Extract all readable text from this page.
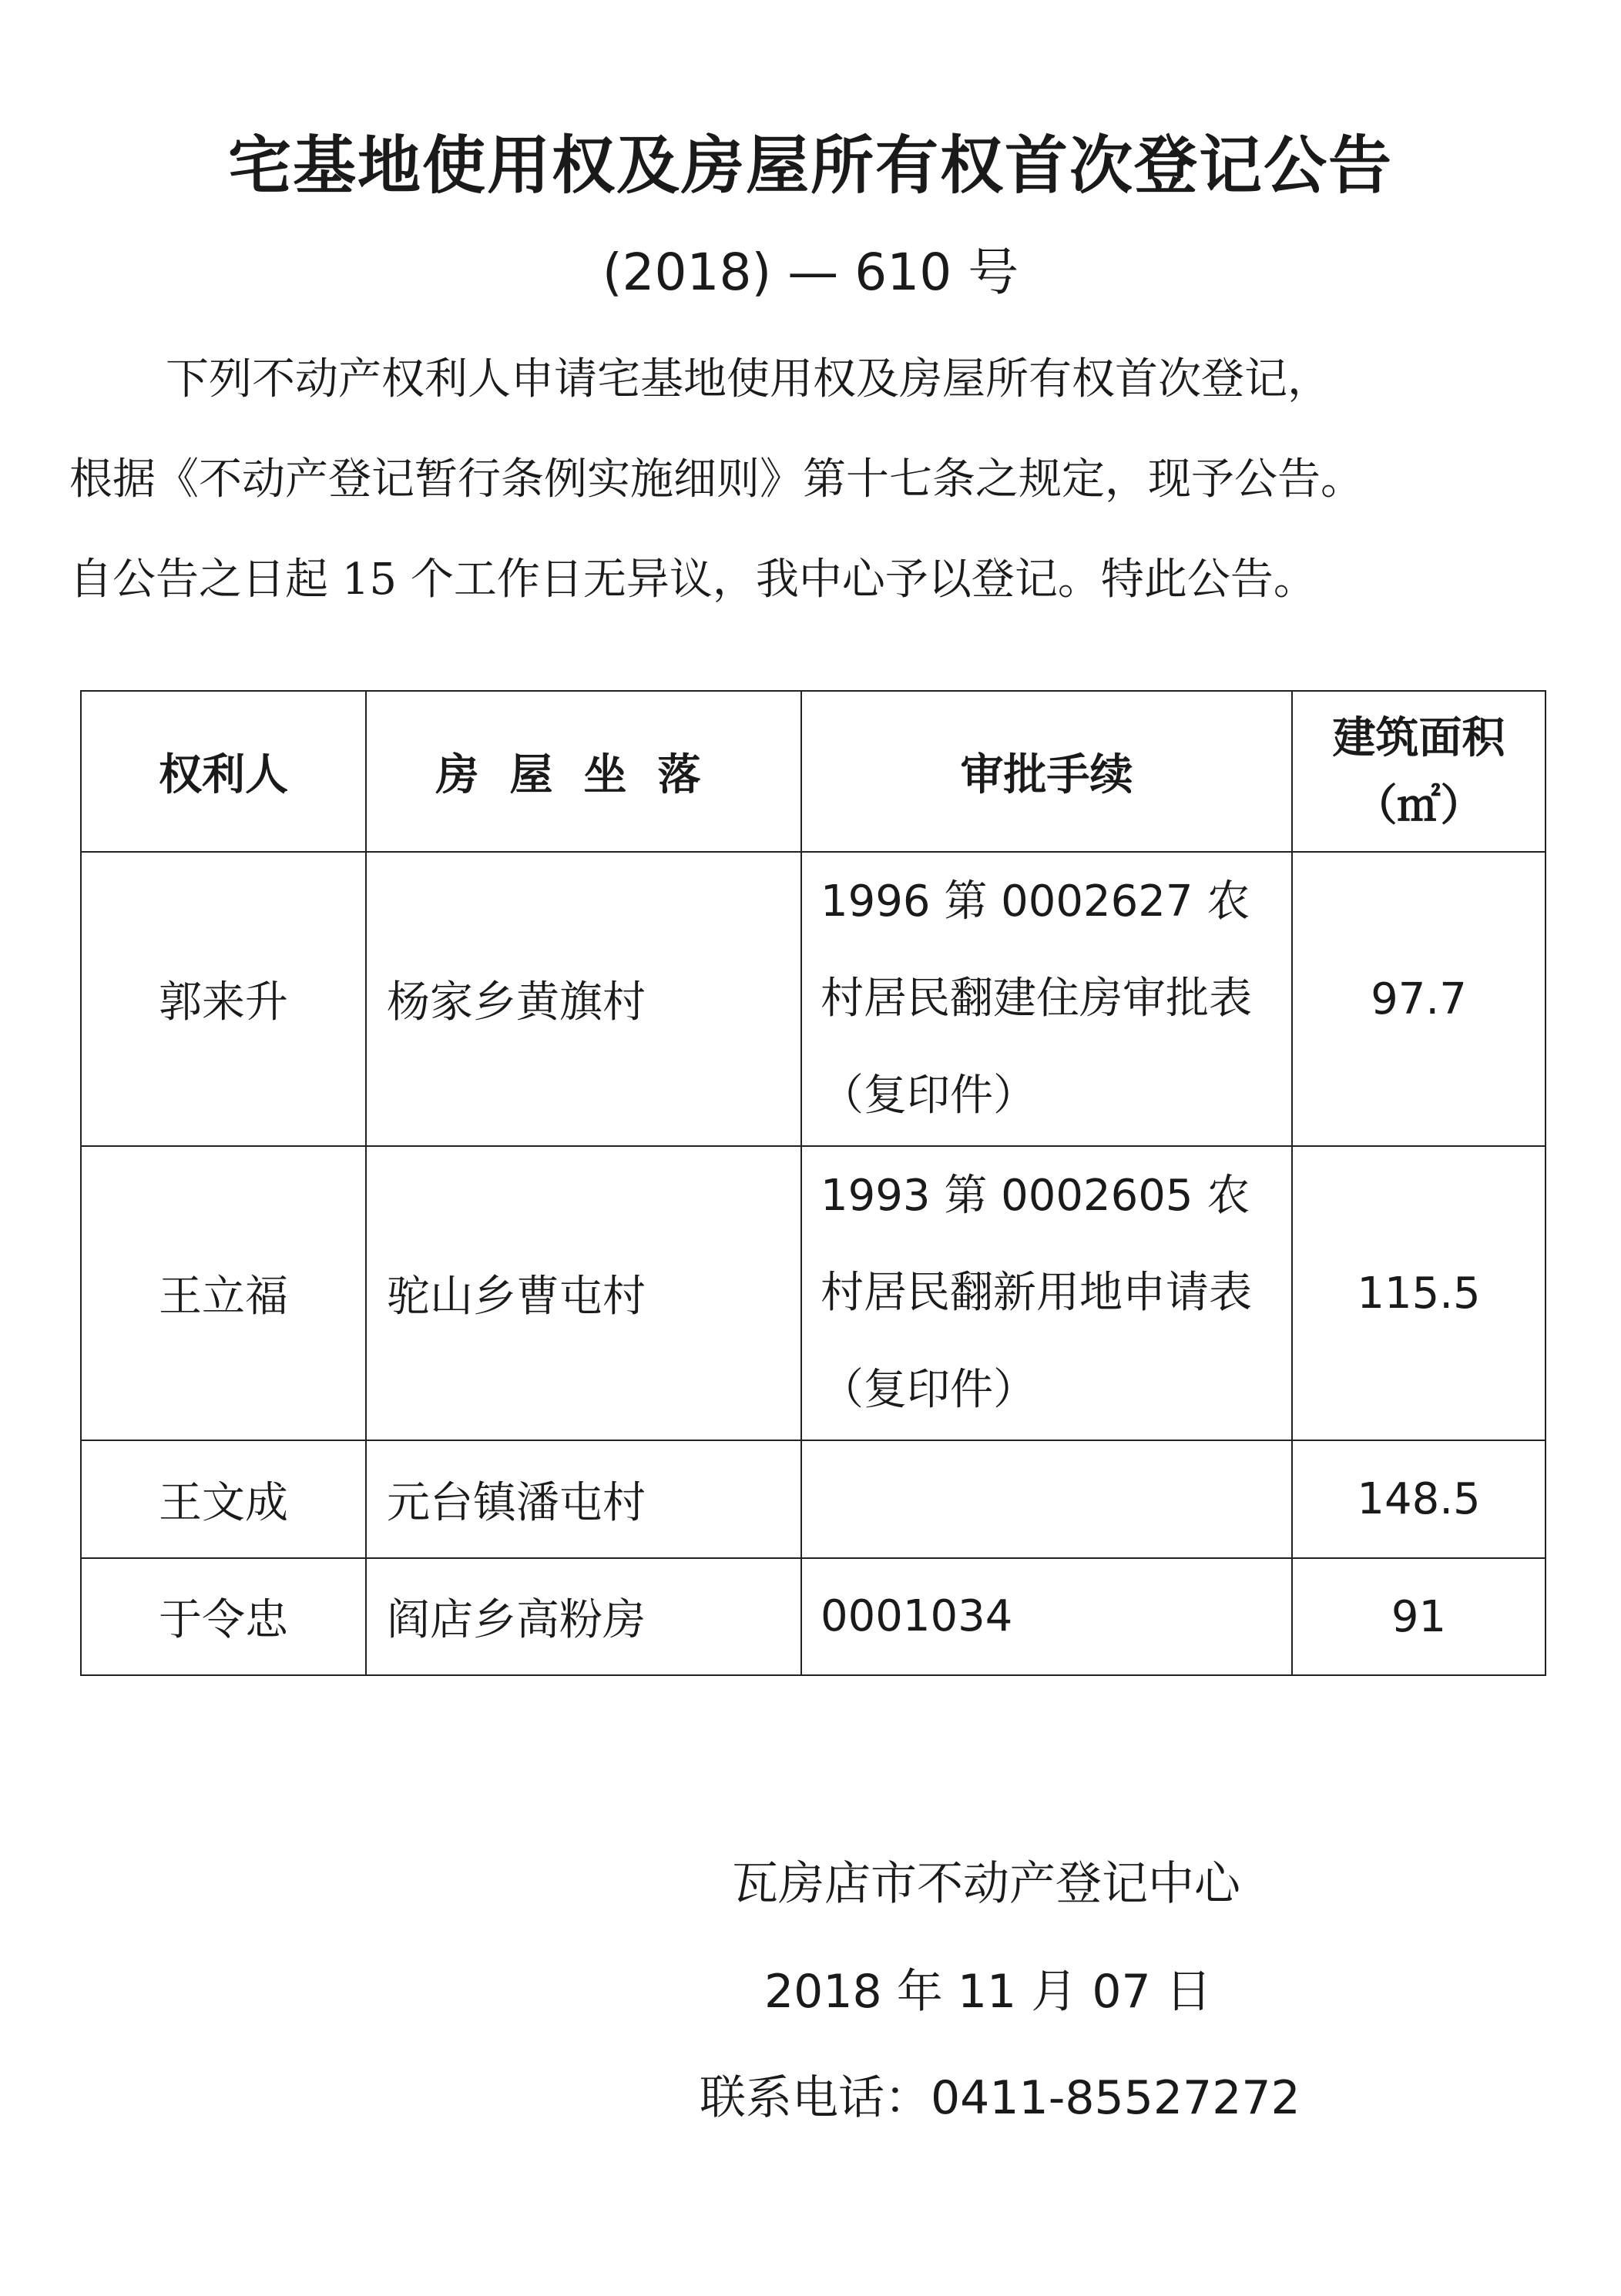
宅基地使用权及房屋所有权首次登记公告
(2018) — 610 号
下列不动产权利人申请宅基地使用权及房屋所有权首次登记，
根据《不动产登记暂行条例实施细则》第十七条之规定，现予公告。
自公告之日起 15 个工作日无异议，我中心予以登记。特此公告。
权利人	房屋坐落	审批手续	建筑面积
（㎡）

郭来升	杨家乡黄旗村	1996 第 0002627 农村居民翻建住房审批表（复印件）	97.7
王立福	驼山乡曹屯村	1993 第 0002605 农村居民翻新用地申请表（复印件）	115.5
王文成	元台镇潘屯村		148.5
于令忠	阎店乡高粉房	0001034	91
瓦房店市不动产登记中心
2018 年 11 月 07 日
联系电话：0411-85527272
